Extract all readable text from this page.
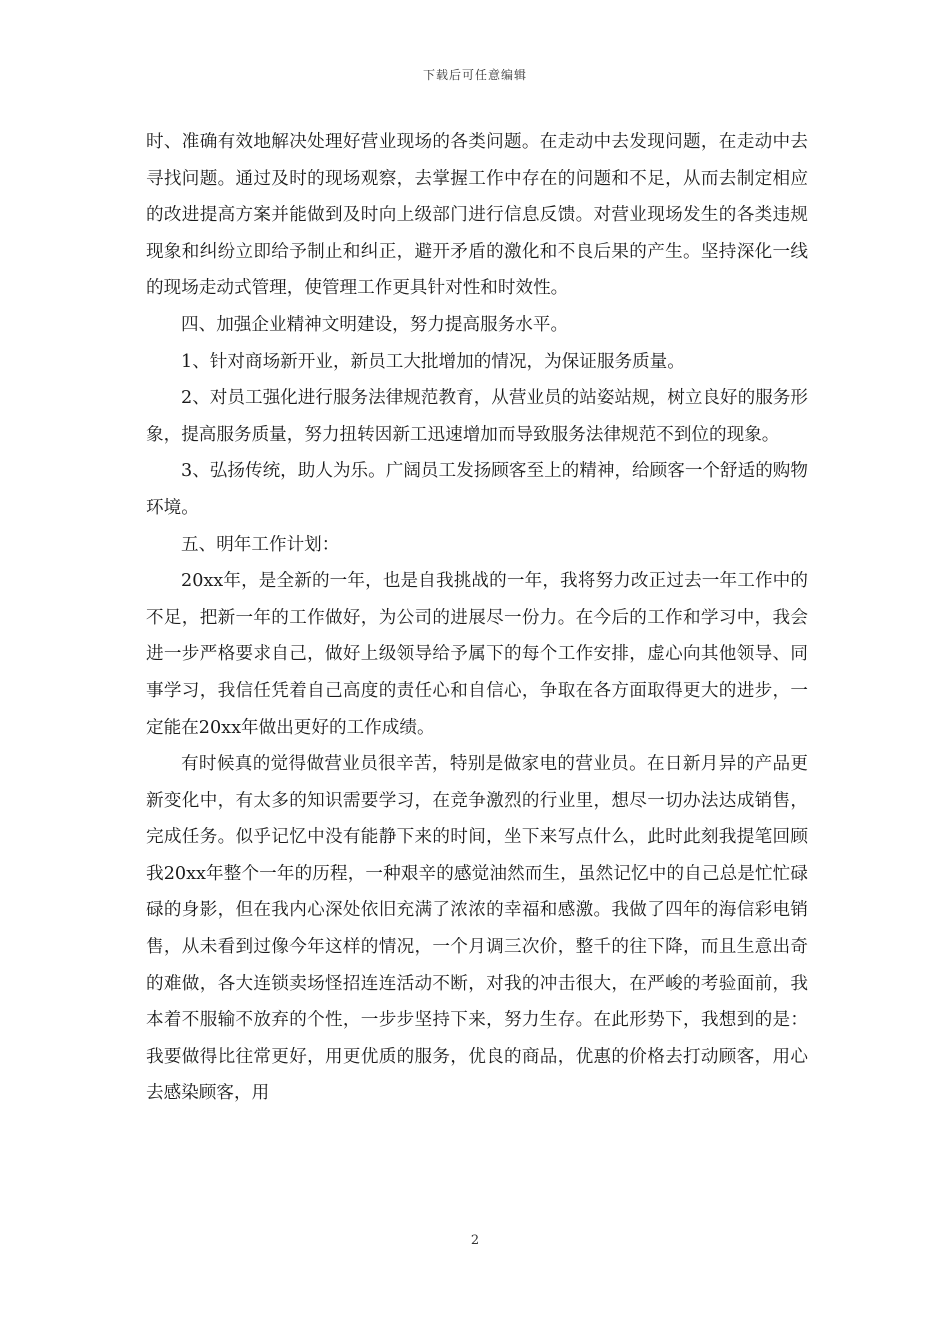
下载后可任意编辑

时、准确有效地解决处理好营业现场的各类问题。在走动中去发现问题，在走动中去寻找问题。通过及时的现场观察，去掌握工作中存在的问题和不足，从而去制定相应的改进提高方案并能做到及时向上级部门进行信息反馈。对营业现场发生的各类违规现象和纠纷立即给予制止和纠正，避开矛盾的激化和不良后果的产生。坚持深化一线的现场走动式管理，使管理工作更具针对性和时效性。

四、加强企业精神文明建设，努力提高服务水平。

1、针对商场新开业，新员工大批增加的情况，为保证服务质量。

2、对员工强化进行服务法律规范教育，从营业员的站姿站规，树立良好的服务形象，提高服务质量，努力扭转因新工迅速增加而导致服务法律规范不到位的现象。

3、弘扬传统，助人为乐。广阔员工发扬顾客至上的精神，给顾客一个舒适的购物环境。

五、明年工作计划：

20xx年，是全新的一年，也是自我挑战的一年，我将努力改正过去一年工作中的不足，把新一年的工作做好，为公司的进展尽一份力。在今后的工作和学习中，我会进一步严格要求自己，做好上级领导给予属下的每个工作安排，虚心向其他领导、同事学习，我信任凭着自己高度的责任心和自信心，争取在各方面取得更大的进步，一定能在20xx年做出更好的工作成绩。

有时候真的觉得做营业员很辛苦，特别是做家电的营业员。在日新月异的产品更新变化中，有太多的知识需要学习，在竞争激烈的行业里，想尽一切办法达成销售，完成任务。似乎记忆中没有能静下来的时间，坐下来写点什么，此时此刻我提笔回顾我20xx年整个一年的历程，一种艰辛的感觉油然而生，虽然记忆中的自己总是忙忙碌碌的身影，但在我内心深处依旧充满了浓浓的幸福和感激。我做了四年的海信彩电销售，从未看到过像今年这样的情况，一个月调三次价，整千的往下降，而且生意出奇的难做，各大连锁卖场怪招连连活动不断，对我的冲击很大，在严峻的考验面前，我本着不服输不放弃的个性，一步步坚持下来，努力生存。在此形势下，我想到的是：我要做得比往常更好，用更优质的服务，优良的商品，优惠的价格去打动顾客，用心去感染顾客，用

2
